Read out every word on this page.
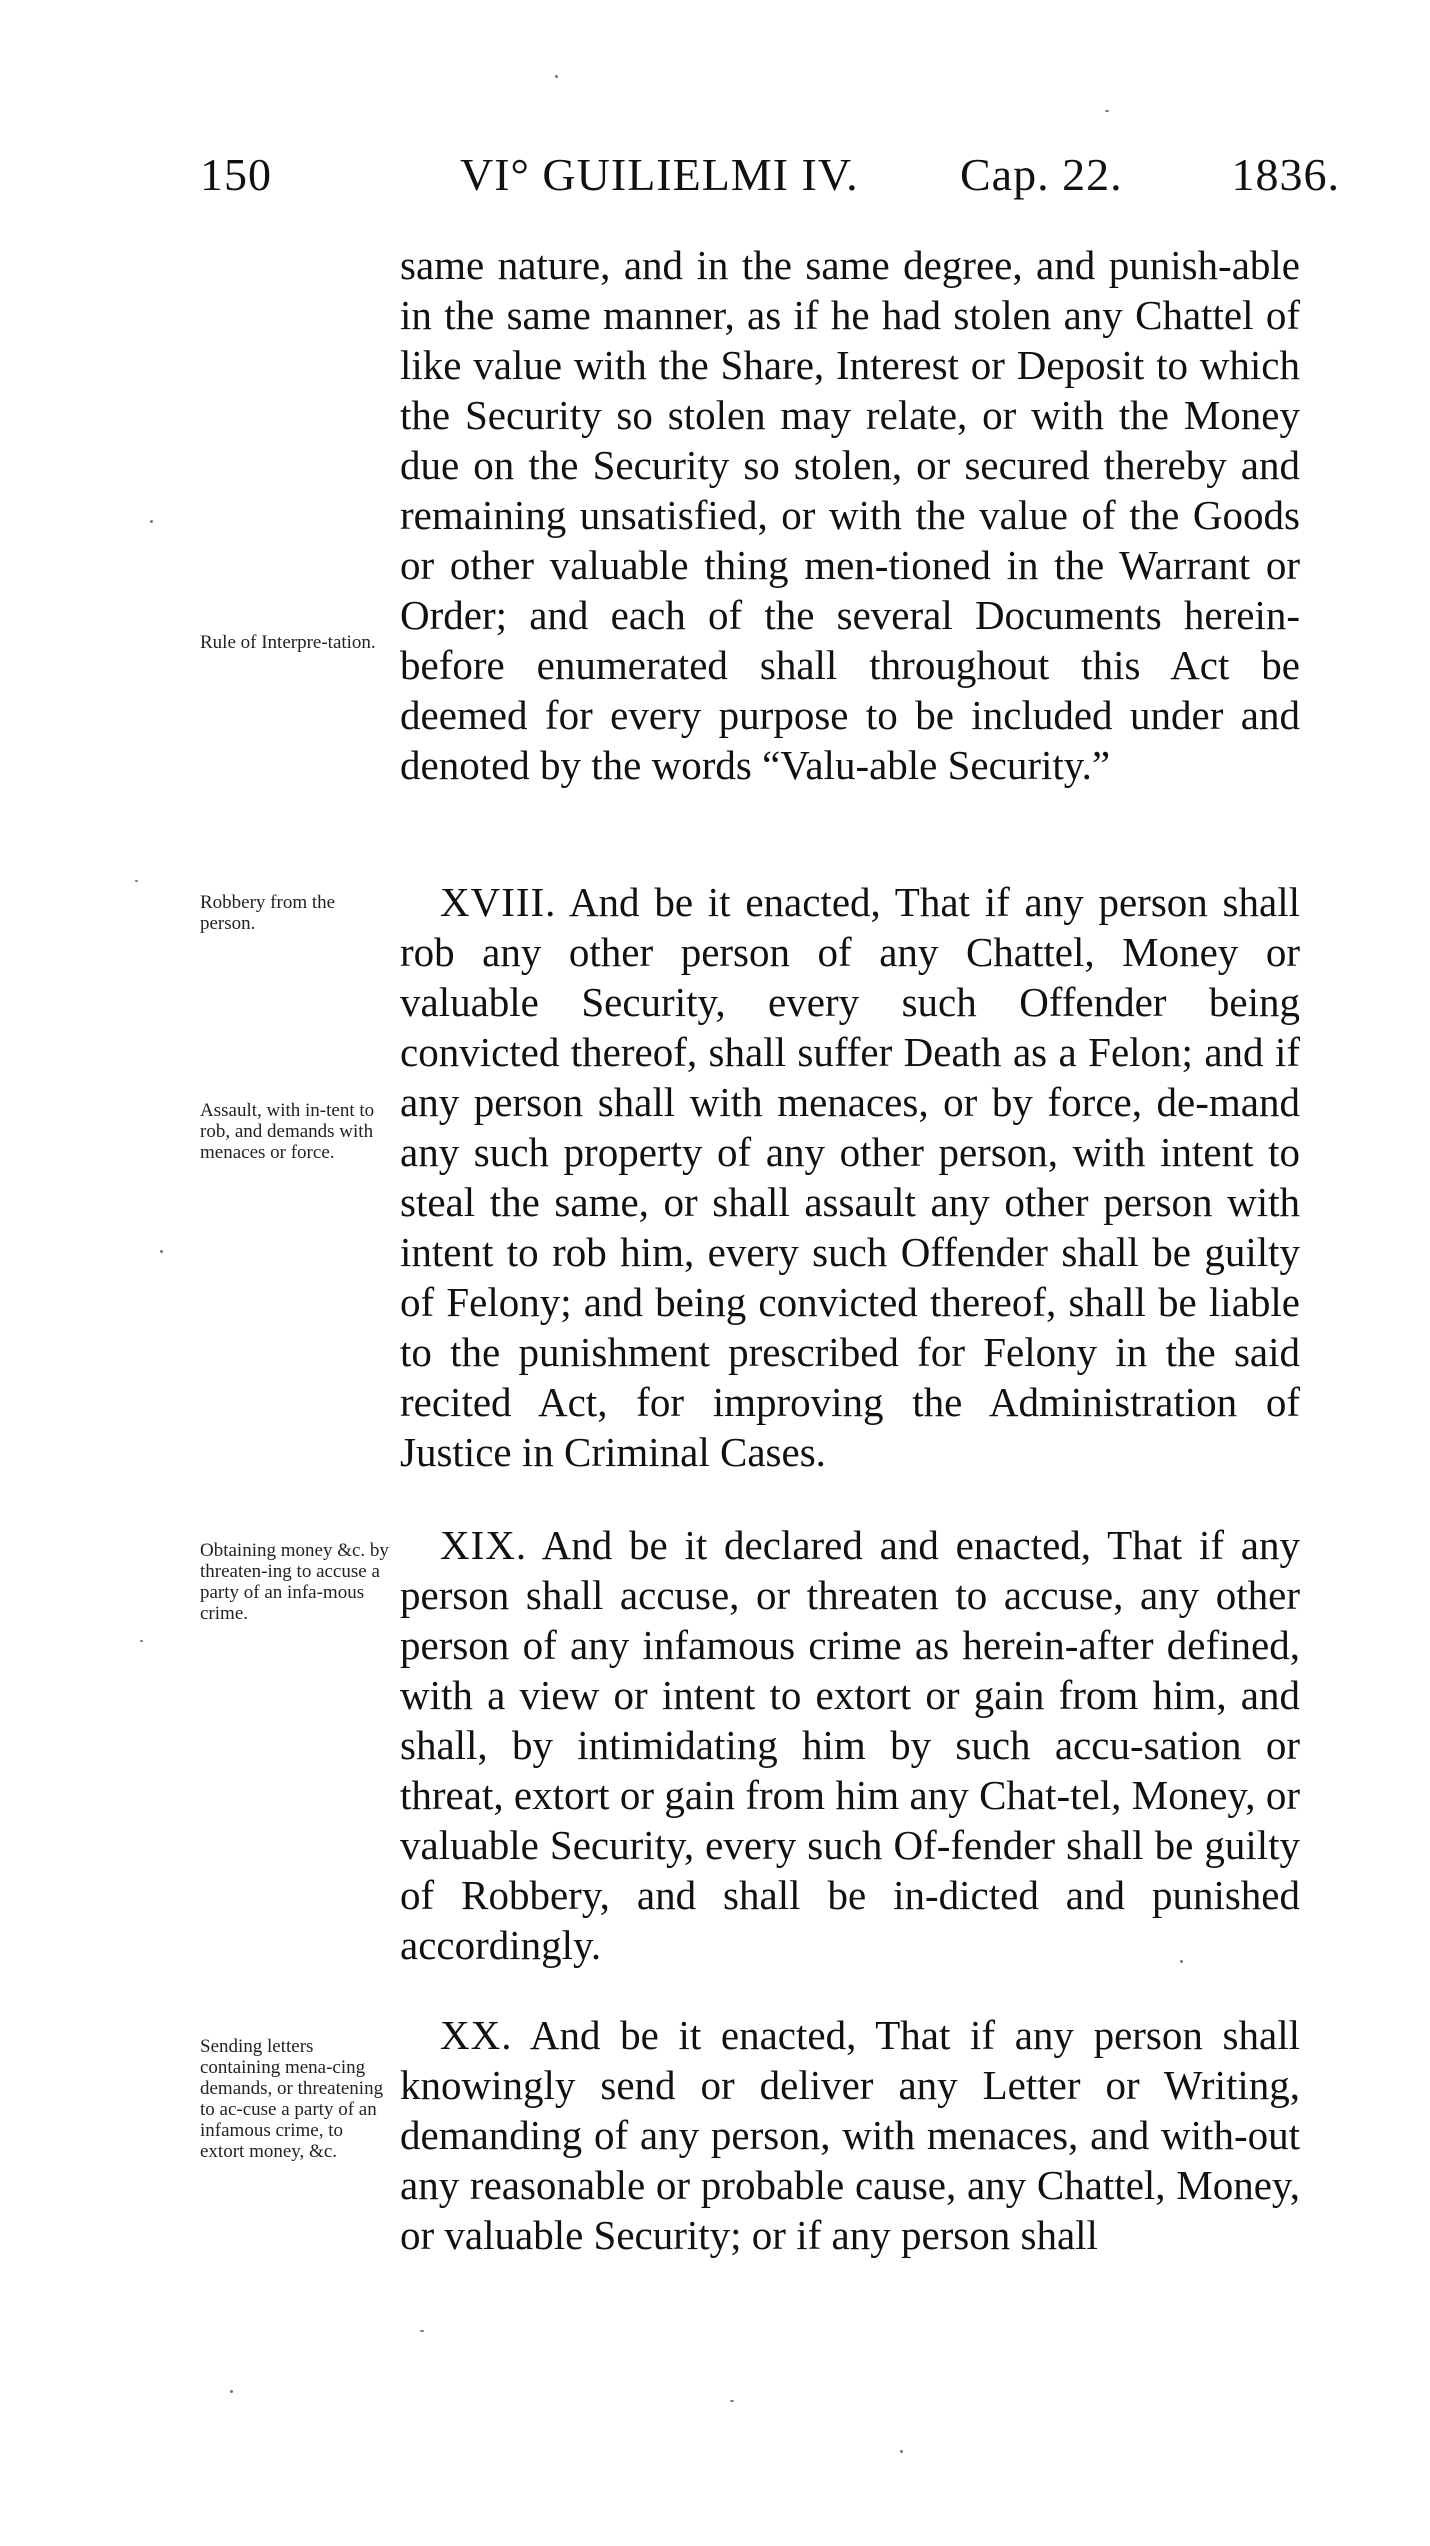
150	VI° GUILIELMI IV. Cap. 22. 1836.

same nature, and in the same degree, and punish-able in the same manner, as if he had stolen any Chattel of like value with the Share, Interest or Deposit to which the Security so stolen may relate, or with the Money due on the Security so stolen, or secured thereby and remaining unsatisfied, or with the value of the Goods or other valuable thing men-tioned in the Warrant or Order; and each of the several Documents herein-before enumerated shall throughout this Act be deemed for every purpose to be included under and denoted by the words “Valu-able Security.”

Rule of Interpre-tation.
Robbery from the person.
Assault, with in-tent to rob, and demands with menaces or force.

XVIII. And be it enacted, That if any person shall rob any other person of any Chattel, Money or valuable Security, every such Offender being convicted thereof, shall suffer Death as a Felon; and if any person shall with menaces, or by force, de-mand any such property of any other person, with intent to steal the same, or shall assault any other person with intent to rob him, every such Offender shall be guilty of Felony; and being convicted thereof, shall be liable to the punishment prescribed for Felony in the said recited Act, for improving the Administration of Justice in Criminal Cases.

Obtaining money &c. by threaten-ing to accuse a party of an infa-mous crime.

XIX. And be it declared and enacted, That if any person shall accuse, or threaten to accuse, any other person of any infamous crime as herein-after defined, with a view or intent to extort or gain from him, and shall, by intimidating him by such accu-sation or threat, extort or gain from him any Chat-tel, Money, or valuable Security, every such Of-fender shall be guilty of Robbery, and shall be in-dicted and punished accordingly.

Sending letters containing mena-cing demands, or threatening to ac-cuse a party of an infamous crime, to extort money, &c.

XX. And be it enacted, That if any person shall knowingly send or deliver any Letter or Writing, demanding of any person, with menaces, and with-out any reasonable or probable cause, any Chattel, Money, or valuable Security; or if any person shall
